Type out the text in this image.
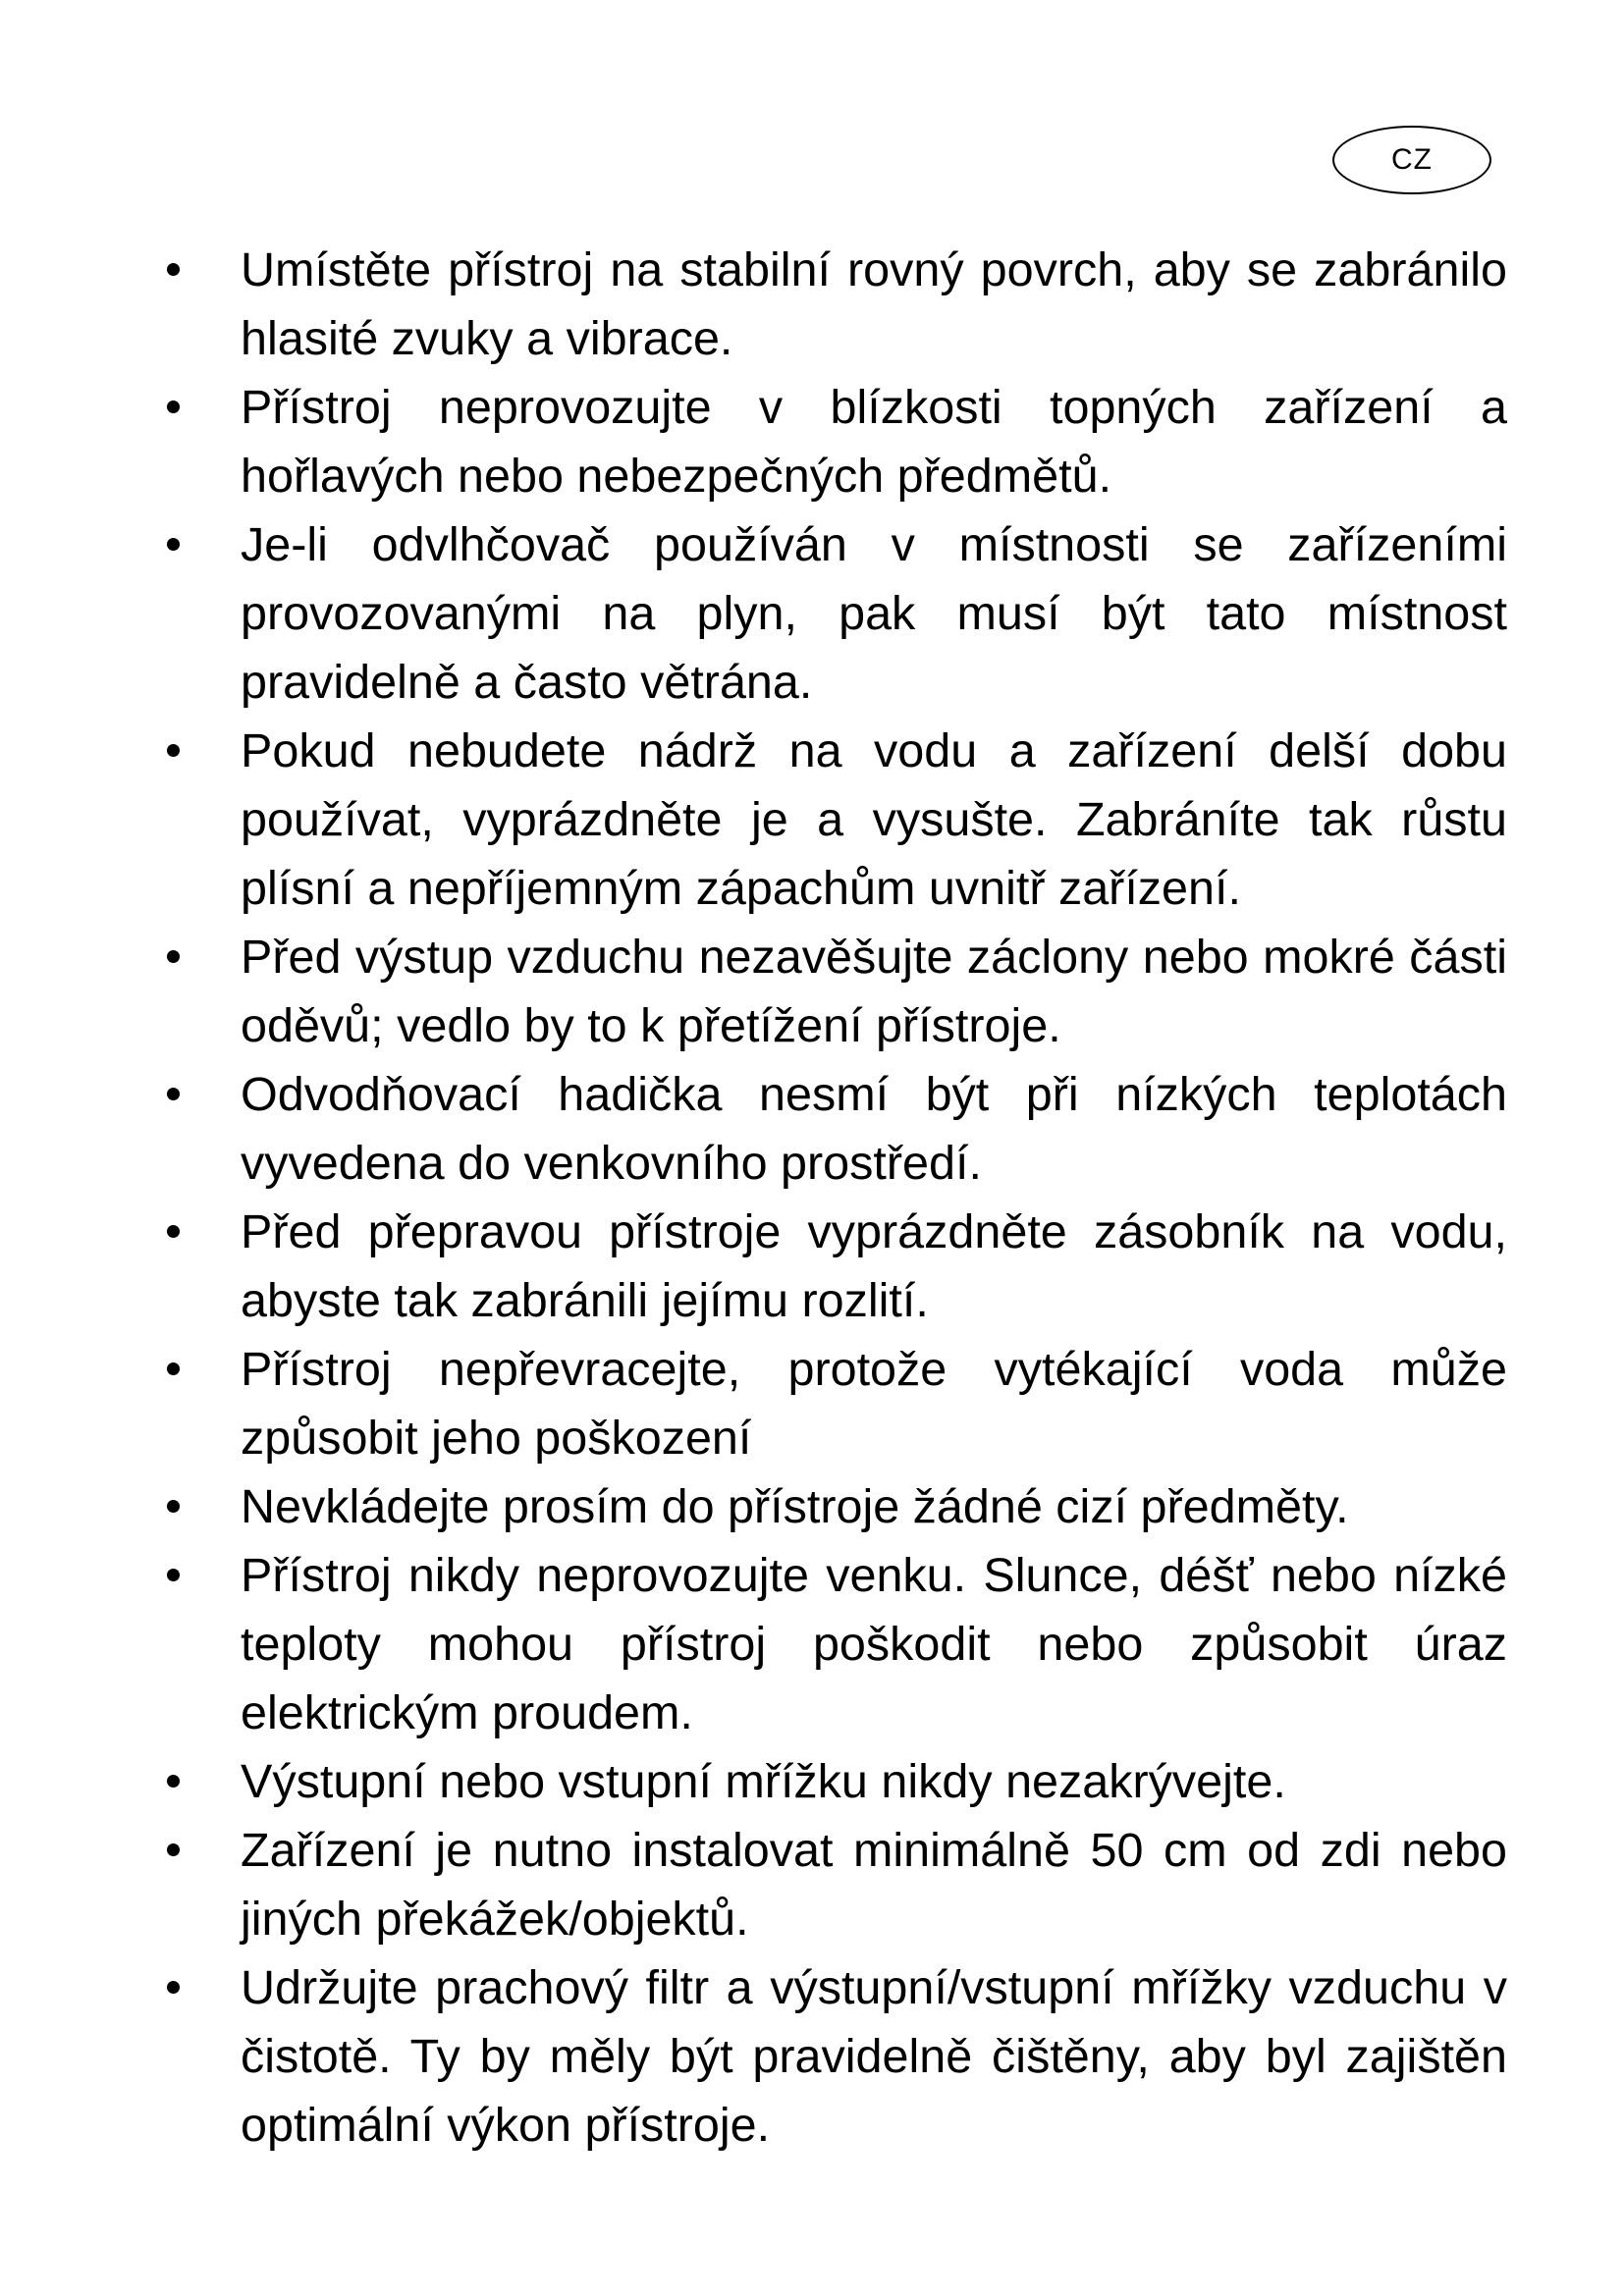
CZ
Umístěte přístroj na stabilní rovný povrch, aby se zabránilo hlasité zvuky a vibrace.
Přístroj neprovozujte v blízkosti topných zařízení a hořlavých nebo nebezpečných předmětů.
Je-li odvlhčovač používán v místnosti se zařízeními provozovanými na plyn, pak musí být tato místnost pravidelně a často větrána.
Pokud nebudete nádrž na vodu a zařízení delší dobu používat, vyprázdněte je a vysušte. Zabráníte tak růstu plísní a nepříjemným zápachům uvnitř zařízení.
Před výstup vzduchu nezavěšujte záclony nebo mokré části oděvů; vedlo by to k přetížení přístroje.
Odvodňovací hadička nesmí být při nízkých teplotách vyvedena do venkovního prostředí.
Před přepravou přístroje vyprázdněte zásobník na vodu, abyste tak zabránili jejímu rozlití.
Přístroj nepřevracejte, protože vytékající voda může způsobit jeho poškození
Nevkládejte prosím do přístroje žádné cizí předměty.
Přístroj nikdy neprovozujte venku. Slunce, déšť nebo nízké teploty mohou přístroj poškodit nebo způsobit úraz elektrickým proudem.
Výstupní nebo vstupní mřížku nikdy nezakrývejte.
Zařízení je nutno instalovat minimálně 50 cm od zdi nebo jiných překážek/objektů.
Udržujte prachový filtr a výstupní/vstupní mřížky vzduchu v čistotě. Ty by měly být pravidelně čištěny, aby byl zajištěn optimální výkon přístroje.
